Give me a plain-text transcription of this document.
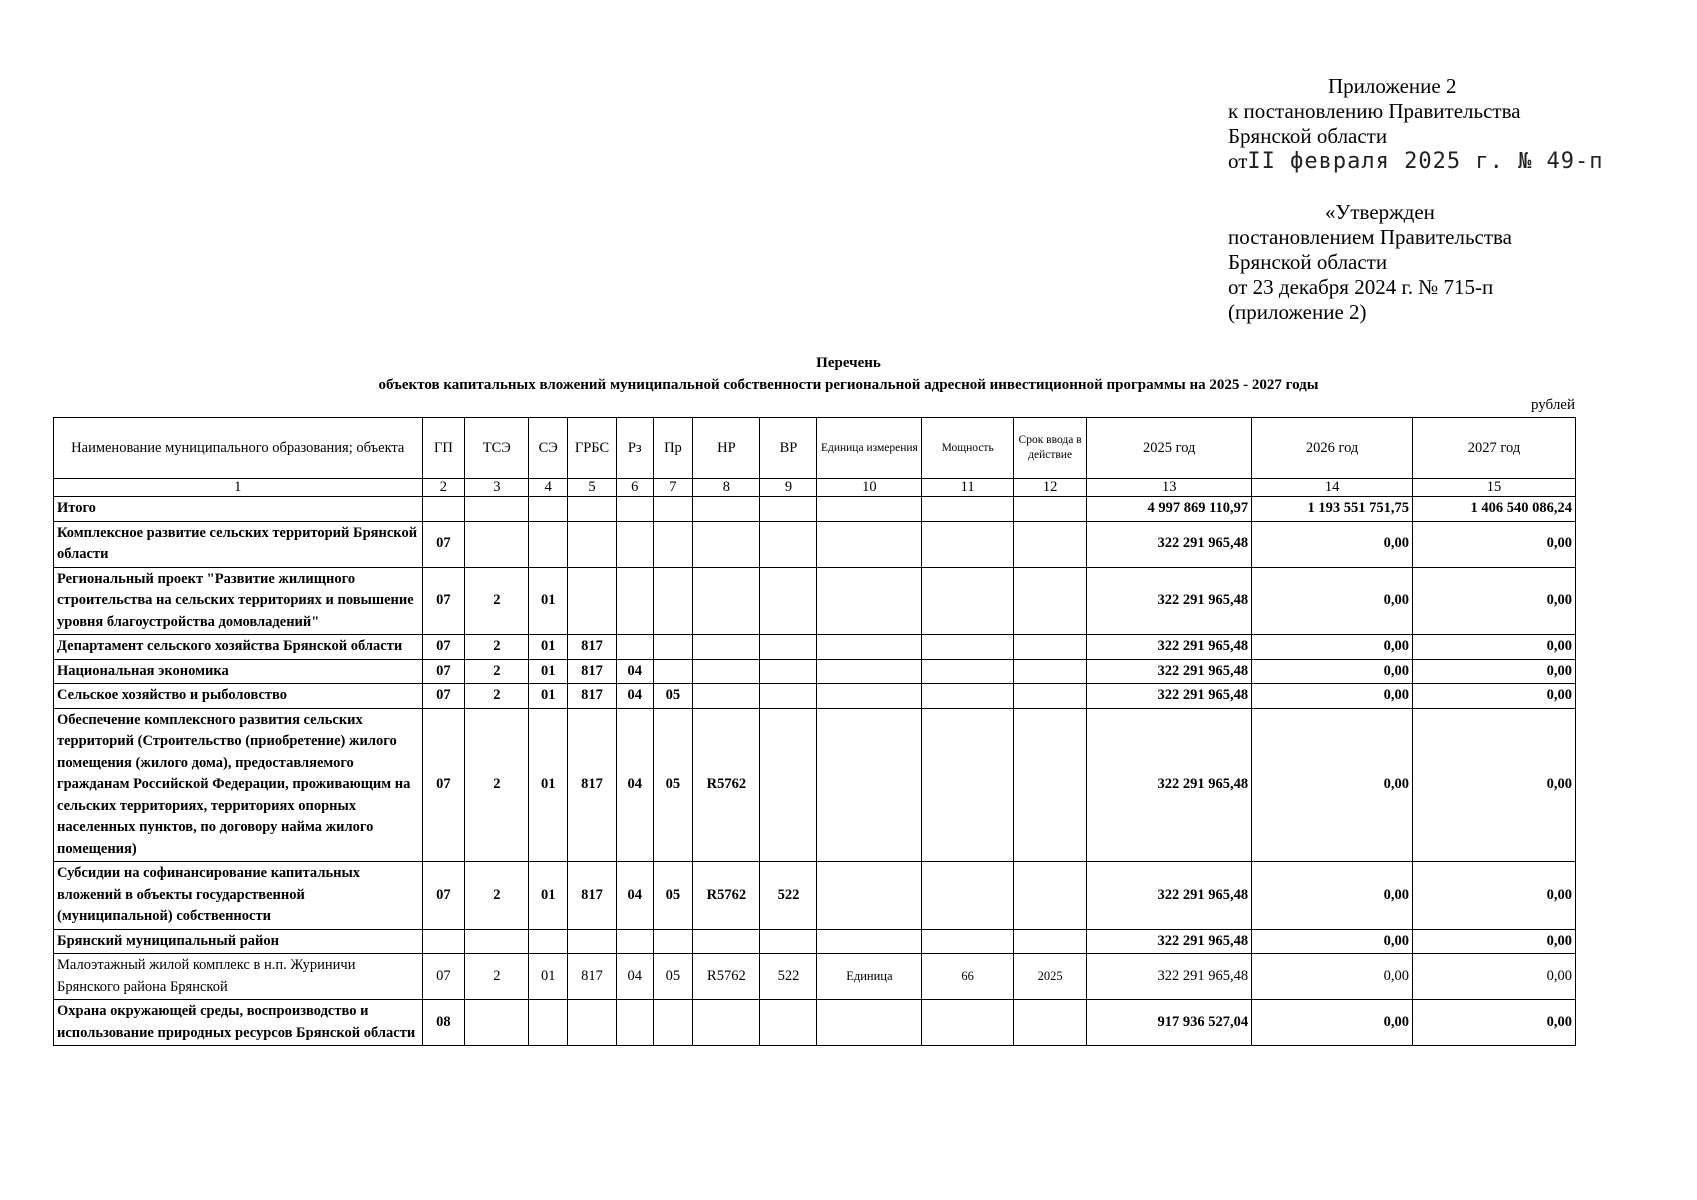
Приложение 2
к постановлению Правительства
Брянской области
отII февраля 2025 г. № 49-п
«Утвержден
постановлением Правительства
Брянской области
от 23 декабря 2024 г. № 715-п
(приложение 2)
Перечень
объектов капитальных вложений муниципальной собственности региональной адресной инвестиционной программы на 2025 - 2027 годы
рублей
Наименование муниципального образования; объекта	ГП	ТСЭ	СЭ	ГРБС	Рз	Пр	НР	ВР	Единица измерения	Мощность	Срок ввода в действие	2025 год	2026 год	2027 год
1	2	3	4	5	6	7	8	9	10	11	12	13	14	15
Итого												4 997 869 110,97	1 193 551 751,75	1 406 540 086,24
Комплексное развитие сельских территорий Брянской области	07											322 291 965,48	0,00	0,00
Региональный проект "Развитие жилищного строительства на сельских территориях и повышение уровня благоустройства домовладений"	07	2	01									322 291 965,48	0,00	0,00
Департамент сельского хозяйства Брянской области	07	2	01	817								322 291 965,48	0,00	0,00
Национальная экономика	07	2	01	817	04							322 291 965,48	0,00	0,00
Сельское хозяйство и рыболовство	07	2	01	817	04	05						322 291 965,48	0,00	0,00
Обеспечение комплексного развития сельских территорий (Строительство (приобретение) жилого помещения (жилого дома), предоставляемого гражданам Российской Федерации, проживающим на сельских территориях, территориях опорных населенных пунктов, по договору найма жилого помещения)	07	2	01	817	04	05	R5762					322 291 965,48	0,00	0,00
Субсидии на софинансирование капитальных вложений в объекты государственной (муниципальной) собственности	07	2	01	817	04	05	R5762	522				322 291 965,48	0,00	0,00
Брянский муниципальный район												322 291 965,48	0,00	0,00
Малоэтажный жилой комплекс в н.п. Журиничи Брянского района Брянской	07	2	01	817	04	05	R5762	522	Единица	66	2025	322 291 965,48	0,00	0,00
Охрана окружающей среды, воспроизводство и использование природных ресурсов Брянской области	08											917 936 527,04	0,00	0,00
